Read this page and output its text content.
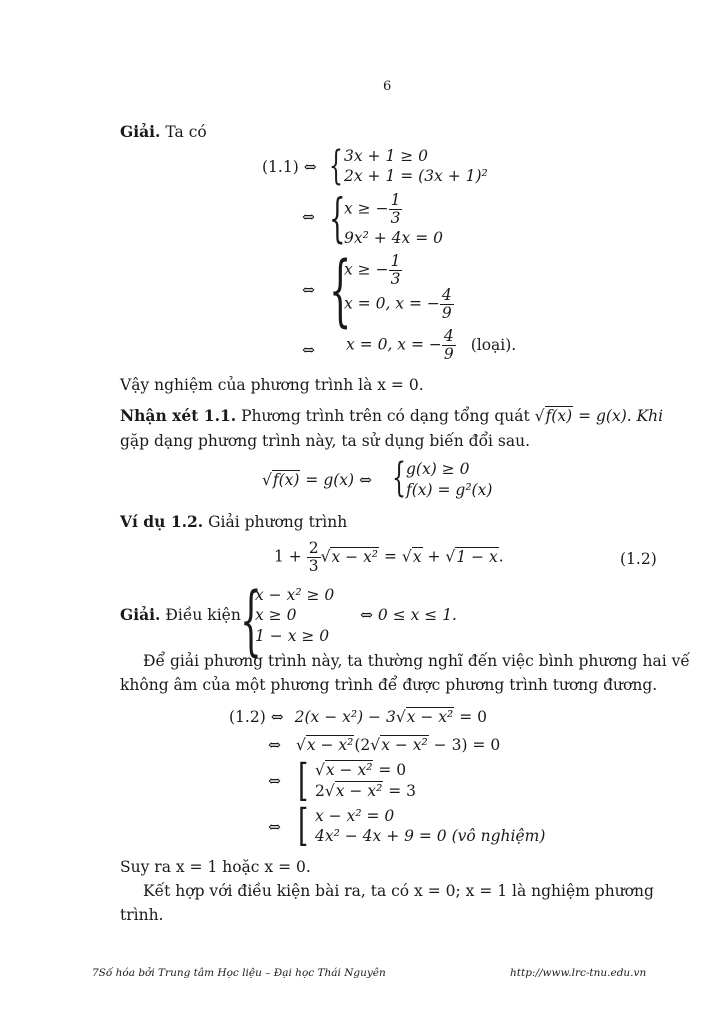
6
Giải. Ta có
(1.1) ⇔ { 3x + 1 ≥ 0
2x + 1 = (3x + 1)²
⇔ {
x ≥ − $\frac{1}{3}$
9x² + 4x = 0
⇔ {
x ≥ − $\frac{1}{3}$
x = 0, x = − $\frac{4}{9}$
⇔ x = 0, x = − $\frac{4}{9}$ (loại).
Vậy nghiệm của phương trình là x = 0.
Nhận xét 1.1. Phương trình trên có dạng tổng quát √f(x) = g(x). Khi
gặp dạng phương trình này, ta sử dụng biến đổi sau.
√f(x) = g(x) ⇔ { g(x) ≥ 0
f(x) = g²(x)
Ví dụ 1.2. Giải phương trình
$1 + \frac{2}{3} √x - x^2 = √x + √1 - x$.	(1.2)
Giải. Điều kiện {
x − x² ≥ 0
x ≥ 0
1 − x ≥ 0
⇔ 0 ≤ x ≤ 1.
Để giải phương trình này, ta thường nghĩ đến việc bình phương hai vế
không âm của một phương trình để được phương trình tương đương.
(1.2) ⇔ 2(x − x²) − 3√x − x² = 0
⇔ √x − x²(2√x − x² − 3) = 0
⇔ [ √x − x² = 0
2√x − x² = 3
⇔ [ x − x² = 0
4x² − 4x + 9 = 0 (vô nghiệm)
Suy ra x = 1 hoặc x = 0.
Kết hợp với điều kiện bài ra, ta có x = 0; x = 1 là nghiệm phương
trình.
7Số hóa bởi Trung tâm Học liệu – Đại học Thái Nguyên	http://www.lrc-tnu.edu.vn
